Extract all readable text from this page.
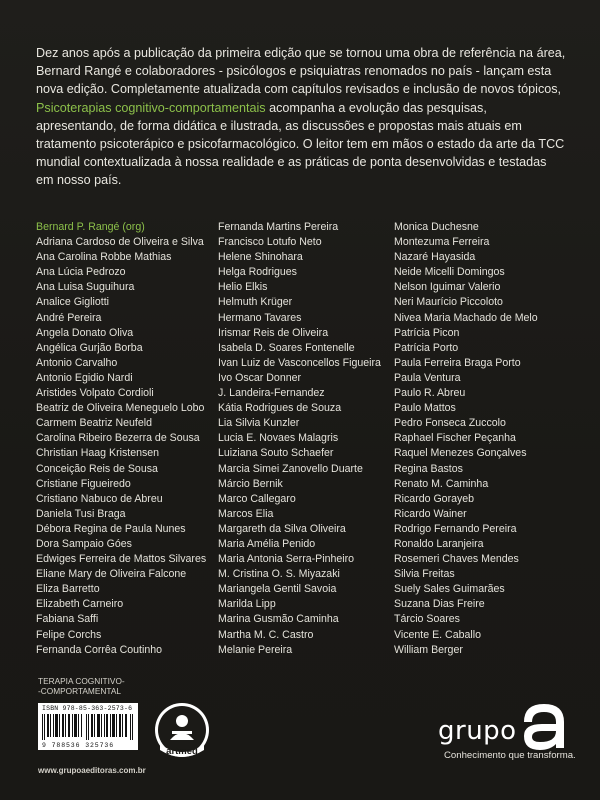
Dez anos após a publicação da primeira edição que se tornou uma obra de referência na área, Bernard Rangé e colaboradores - psicólogos e psiquiatras renomados no país - lançam esta nova edição. Completamente atualizada com capítulos revisados e inclusão de novos tópicos, Psicoterapias cognitivo-comportamentais acompanha a evolução das pesquisas, apresentando, de forma didática e ilustrada, as discussões e propostas mais atuais em tratamento psicoterápico e psicofarmacológico. O leitor tem em mãos o estado da arte da TCC mundial contextualizada à nossa realidade e as práticas de ponta desenvolvidas e testadas em nosso país.

Bernard P. Rangé (org)
Adriana Cardoso de Oliveira e Silva
Ana Carolina Robbe Mathias
Ana Lúcia Pedrozo
Ana Luisa Suguihura
Analice Gigliotti
André Pereira
Angela Donato Oliva
Angélica Gurjão Borba
Antonio Carvalho
Antonio Egidio Nardi
Aristides Volpato Cordioli
Beatriz de Oliveira Meneguelo Lobo
Carmem Beatriz Neufeld
Carolina Ribeiro Bezerra de Sousa
Christian Haag Kristensen
Conceição Reis de Sousa
Cristiane Figueiredo
Cristiano Nabuco de Abreu
Daniela Tusi Braga
Débora Regina de Paula Nunes
Dora Sampaio Góes
Edwiges Ferreira de Mattos Silvares
Eliane Mary de Oliveira Falcone
Eliza Barretto
Elizabeth Carneiro
Fabiana Saffi
Felipe Corchs
Fernanda Corrêa Coutinho
Fernanda Martins Pereira
Francisco Lotufo Neto
Helene Shinohara
Helga Rodrigues
Helio Elkis
Helmuth Krüger
Hermano Tavares
Irismar Reis de Oliveira
Isabela D. Soares Fontenelle
Ivan Luiz de Vasconcellos Figueira
Ivo Oscar Donner
J. Landeira-Fernandez
Kátia Rodrigues de Souza
Lia Silvia Kunzler
Lucia E. Novaes Malagris
Luiziana Souto Schaefer
Marcia Simei Zanovello Duarte
Márcio Bernik
Marco Callegaro
Marcos Elia
Margareth da Silva Oliveira
Maria Amélia Penido
Maria Antonia Serra-Pinheiro
M. Cristina O. S. Miyazaki
Mariangela Gentil Savoia
Marilda Lipp
Marina Gusmão Caminha
Martha M. C. Castro
Melanie Pereira
Monica Duchesne
Montezuma Ferreira
Nazaré Hayasida
Neide Micelli Domingos
Nelson Iguimar Valerio
Neri Maurício Piccoloto
Nivea Maria Machado de Melo
Patrícia Picon
Patrícia Porto
Paula Ferreira Braga Porto
Paula Ventura
Paulo R. Abreu
Paulo Mattos
Pedro Fonseca Zuccolo
Raphael Fischer Peçanha
Raquel Menezes Gonçalves
Regina Bastos
Renato M. Caminha
Ricardo Gorayeb
Ricardo Wainer
Rodrigo Fernando Pereira
Ronaldo Laranjeira
Rosemeri Chaves Mendes
Silvia Freitas
Suely Sales Guimarães
Suzana Dias Freire
Tárcio Soares
Vicente E. Caballo
William Berger
TERAPIA COGNITIVO-
-COMPORTAMENTAL
ISBN 978-85-363-2573-6
9 788536 325736
www.grupoaeditoras.com.br
artmed
grupo
Conhecimento que transforma.
